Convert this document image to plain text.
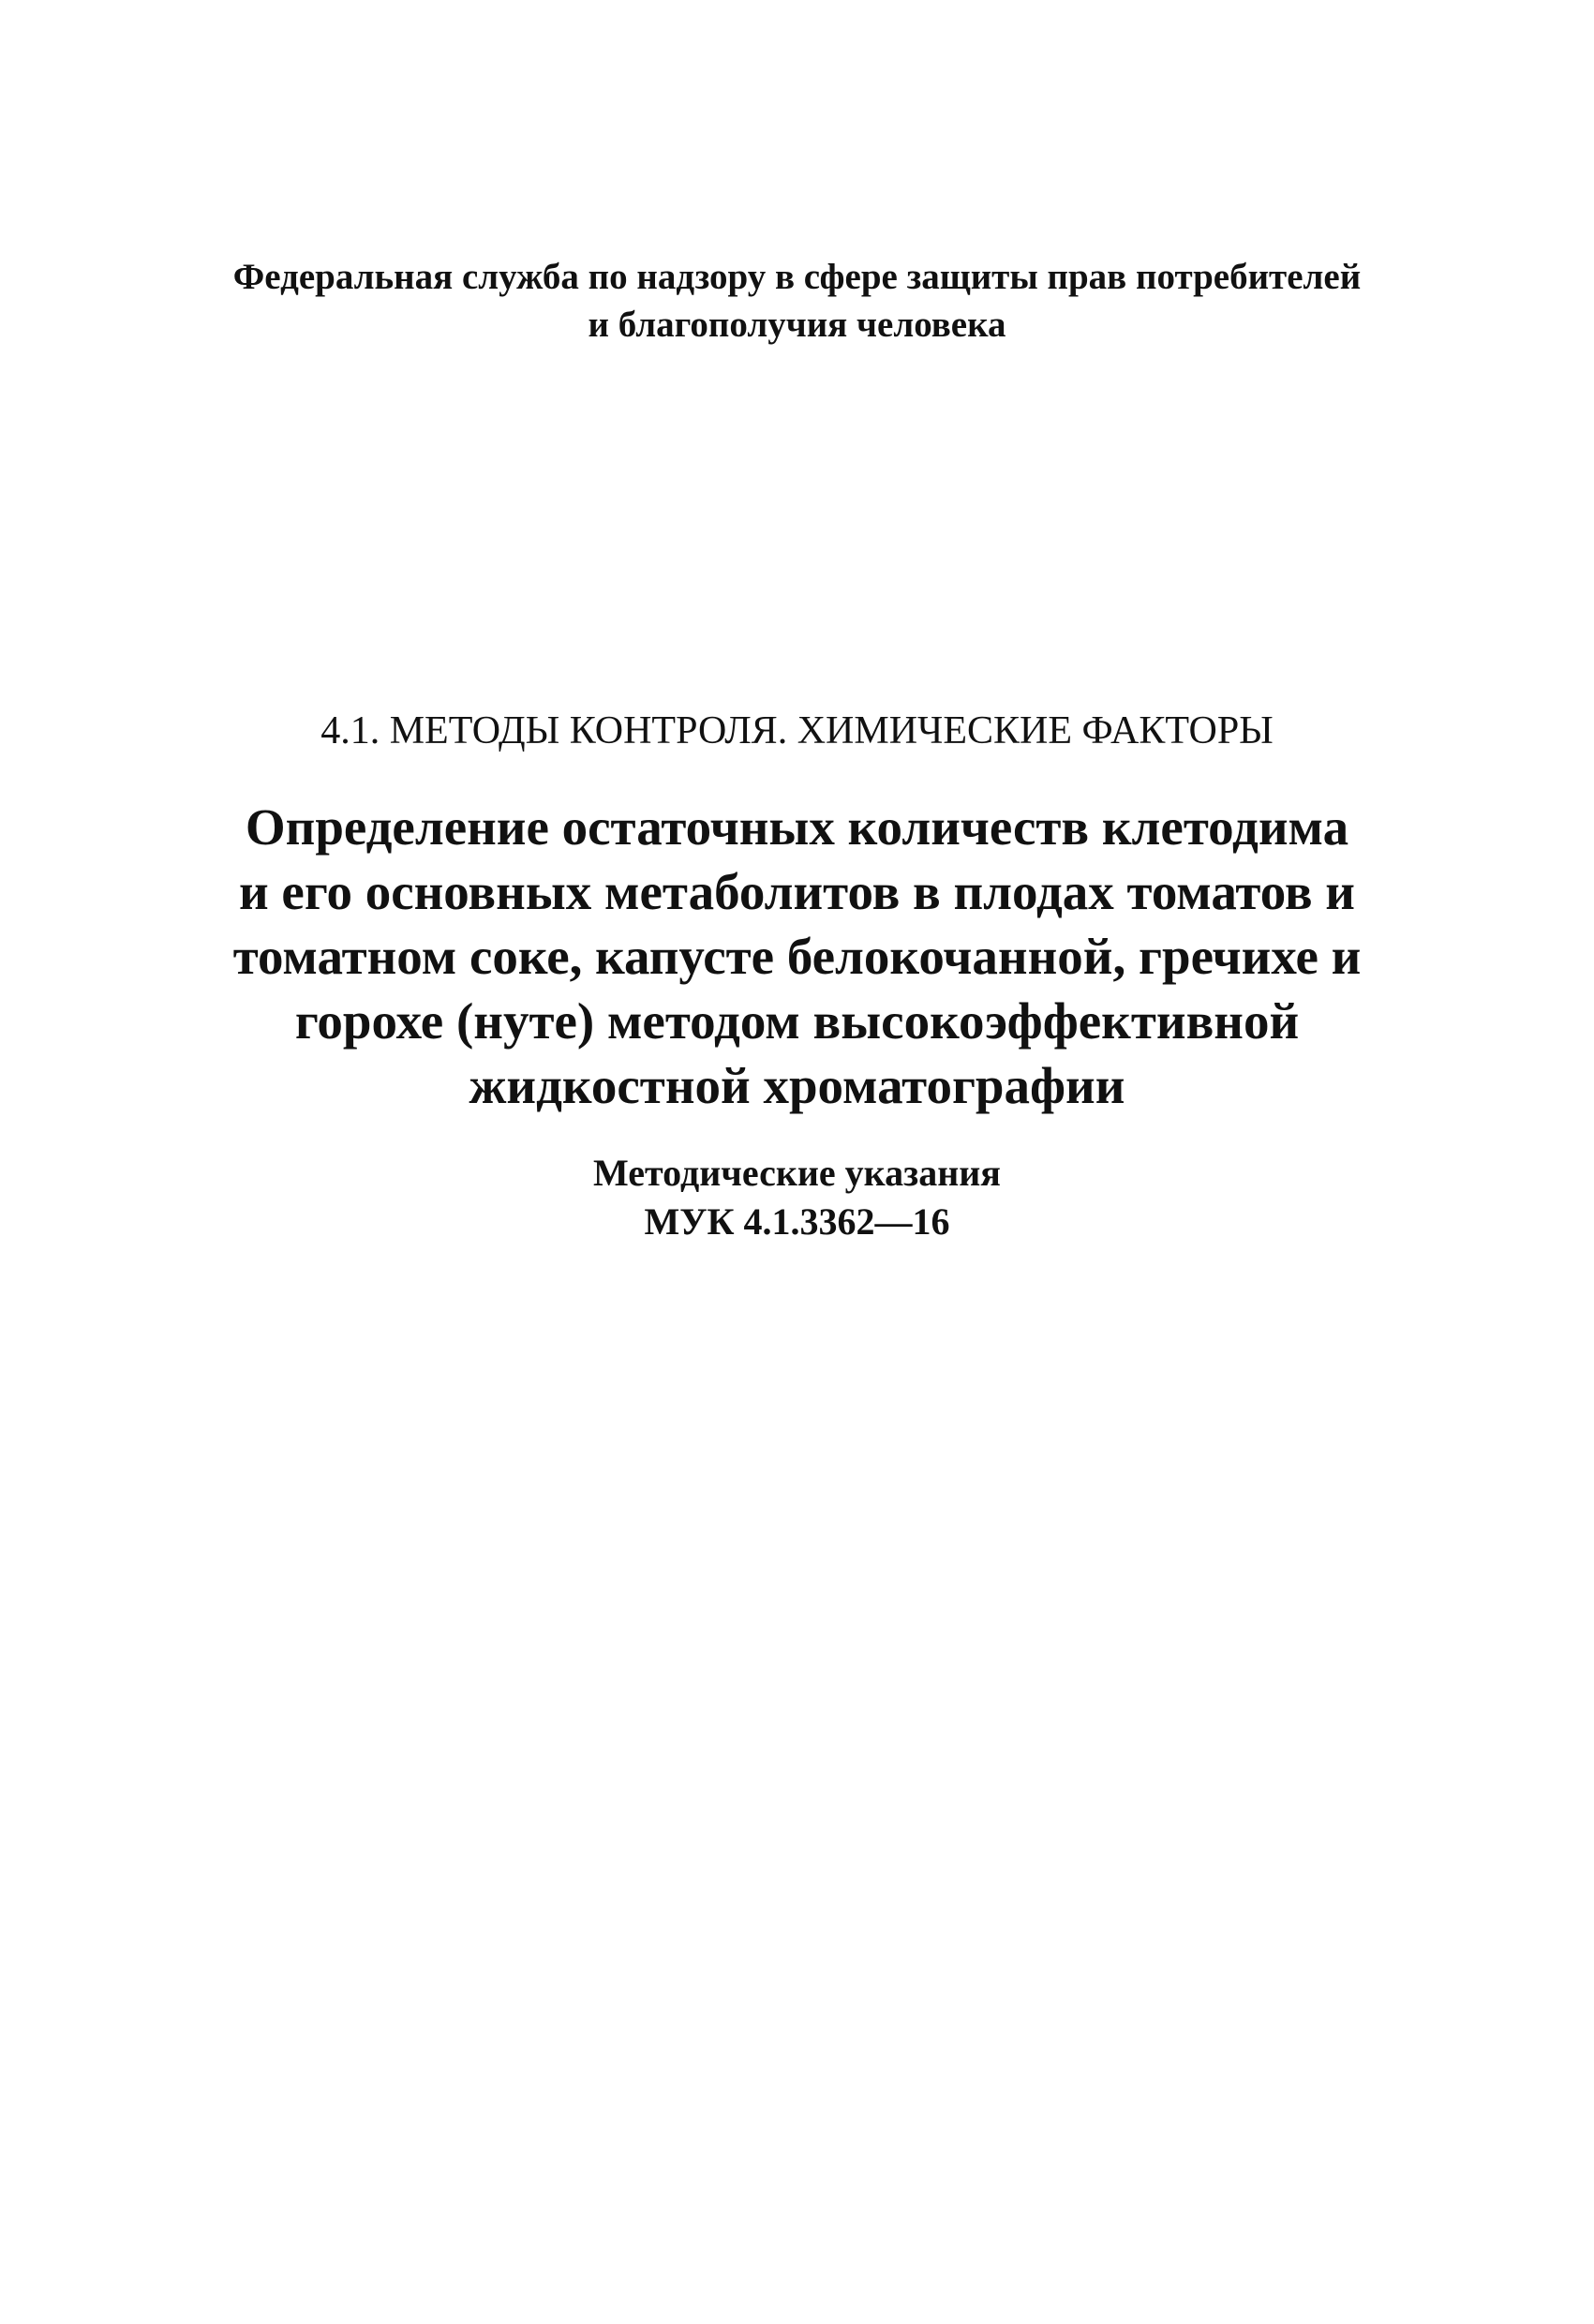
Федеральная служба по надзору в сфере защиты прав потребителей
и благополучия человека
4.1. МЕТОДЫ КОНТРОЛЯ. ХИМИЧЕСКИЕ ФАКТОРЫ
Определение остаточных количеств клетодима
и его основных метаболитов в плодах томатов и
томатном соке, капусте белокочанной, гречихе и
горохе (нуте) методом высокоэффективной
жидкостной хроматографии
Методические указания
МУК 4.1.3362—16
